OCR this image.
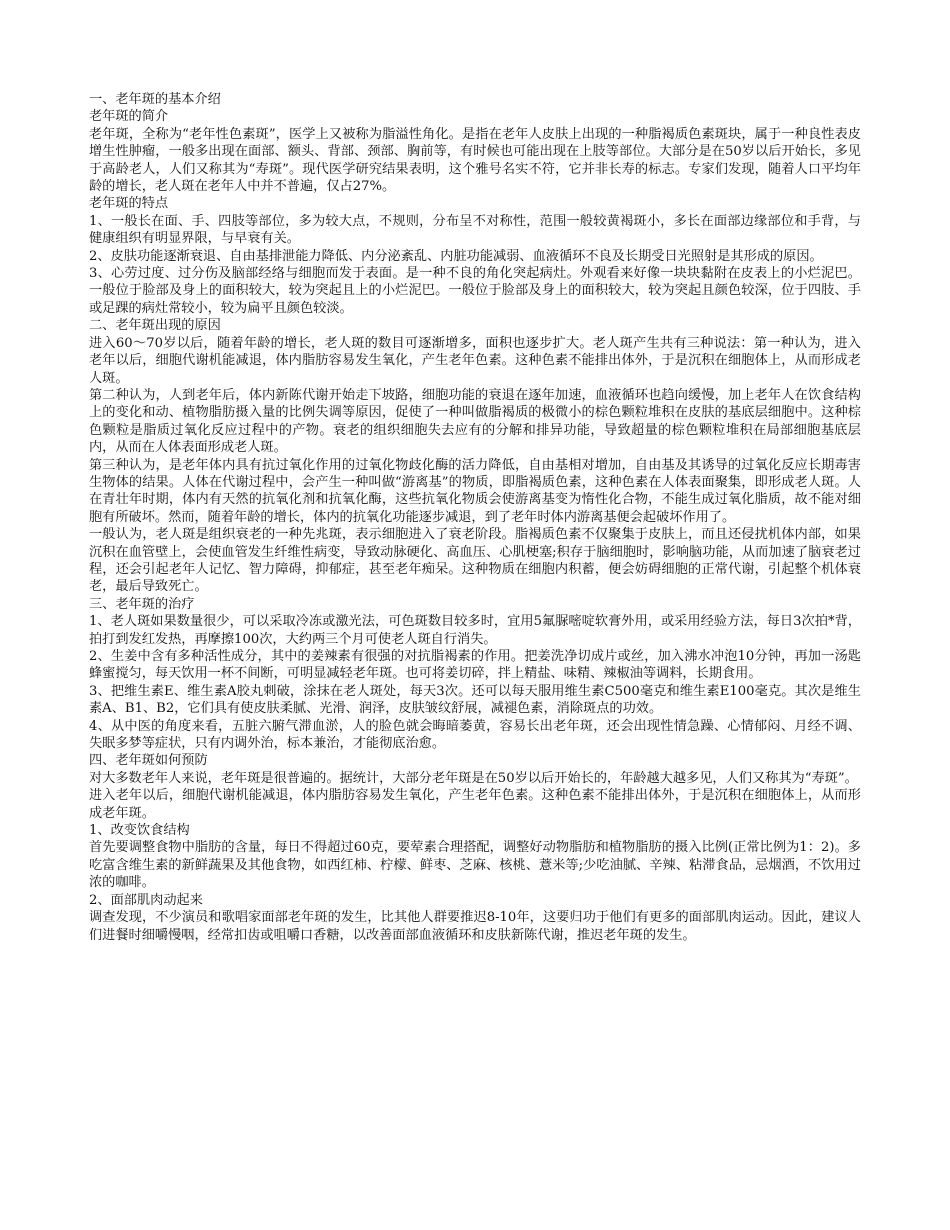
一、老年斑的基本介绍

老年斑的简介

老年斑，全称为“老年性色素斑”，医学上又被称为脂溢性角化。是指在老年人皮肤上出现的一种脂褐质色素斑块，属于一种良性表皮增生性肿瘤，一般多出现在面部、额头、背部、颈部、胸前等，有时候也可能出现在上肢等部位。大部分是在50岁以后开始长，多见于高龄老人，人们又称其为“寿斑”。现代医学研究结果表明，这个雅号名实不符，它并非长寿的标志。专家们发现，随着人口平均年龄的增长，老人斑在老年人中并不普遍，仅占27%。

老年斑的特点

1、一般长在面、手、四肢等部位，多为较大点，不规则，分布呈不对称性，范围一般较黄褐斑小，多长在面部边缘部位和手背，与健康组织有明显界限，与早衰有关。

2、皮肤功能逐渐衰退、自由基排泄能力降低、内分泌紊乱、内脏功能减弱、血液循环不良及长期受日光照射是其形成的原因。

3、心劳过度、过分伤及脑部经络与细胞而发于表面。是一种不良的角化突起病灶。外观看来好像一块块黏附在皮表上的小烂泥巴。一般位于脸部及身上的面积较大，较为突起且上的小烂泥巴。一般位于脸部及身上的面积较大，较为突起且颜色较深，位于四肢、手或足踝的病灶常较小，较为扁平且颜色较淡。

二、老年斑出现的原因

进入60～70岁以后，随着年龄的增长，老人斑的数目可逐渐增多，面积也逐步扩大。老人斑产生共有三种说法：第一种认为，进入老年以后，细胞代谢机能减退，体内脂肪容易发生氧化，产生老年色素。这种色素不能排出体外，于是沉积在细胞体上，从而形成老人斑。

第二种认为，人到老年后，体内新陈代谢开始走下坡路，细胞功能的衰退在逐年加速，血液循环也趋向缓慢，加上老年人在饮食结构上的变化和动、植物脂肪摄入量的比例失调等原因，促使了一种叫做脂褐质的极微小的棕色颗粒堆积在皮肤的基底层细胞中。这种棕色颗粒是脂质过氧化反应过程中的产物。衰老的组织细胞失去应有的分解和排异功能，导致超量的棕色颗粒堆积在局部细胞基底层内，从而在人体表面形成老人斑。

第三种认为，是老年体内具有抗过氧化作用的过氧化物歧化酶的活力降低，自由基相对增加，自由基及其诱导的过氧化反应长期毒害生物体的结果。人体在代谢过程中，会产生一种叫做“游离基”的物质，即脂褐质色素，这种色素在人体表面聚集，即形成老人斑。人在青壮年时期，体内有天然的抗氧化剂和抗氧化酶，这些抗氧化物质会使游离基变为惰性化合物，不能生成过氧化脂质，故不能对细胞有所破坏。然而，随着年龄的增长，体内的抗氧化功能逐步减退，到了老年时体内游离基便会起破坏作用了。

一般认为，老人斑是组织衰老的一种先兆斑，表示细胞进入了衰老阶段。脂褐质色素不仅聚集于皮肤上，而且还侵扰机体内部，如果沉积在血管壁上，会使血管发生纤维性病变，导致动脉硬化、高血压、心肌梗塞;积存于脑细胞时，影响脑功能，从而加速了脑衰老过程，还会引起老年人记忆、智力障碍，抑郁症，甚至老年痴呆。这种物质在细胞内积蓄，便会妨碍细胞的正常代谢，引起整个机体衰老，最后导致死亡。

三、老年斑的治疗

1、老人斑如果数量很少，可以采取冷冻或激光法，可色斑数目较多时，宜用5氟脲嘧啶软膏外用，或采用经验方法，每日3次拍*背，拍打到发红发热，再摩擦100次，大约两三个月可使老人斑自行消失。

2、生姜中含有多种活性成分，其中的姜辣素有很强的对抗脂褐素的作用。把姜洗净切成片或丝，加入沸水冲泡10分钟，再加一汤匙蜂蜜搅匀，每天饮用一杯不间断，可明显减轻老年斑。也可将姜切碎，拌上精盐、味精、辣椒油等调料，长期食用。

3、把维生素E、维生素A胶丸刺破，涂抹在老人斑处，每天3次。还可以每天服用维生素C500毫克和维生素E100毫克。其次是维生素A、B1、B2，它们具有使皮肤柔腻、光滑、润泽，皮肤皱纹舒展，减褪色素，消除斑点的功效。

4、从中医的角度来看，五脏六腑气滞血淤，人的脸色就会晦暗萎黄，容易长出老年斑，还会出现性情急躁、心情郁闷、月经不调、失眠多梦等症状，只有内调外治，标本兼治，才能彻底治愈。

四、老年斑如何预防

对大多数老年人来说，老年斑是很普遍的。据统计，大部分老年斑是在50岁以后开始长的，年龄越大越多见，人们又称其为“寿斑”。

进入老年以后，细胞代谢机能减退，体内脂肪容易发生氧化，产生老年色素。这种色素不能排出体外，于是沉积在细胞体上，从而形成老年斑。

1、改变饮食结构

首先要调整食物中脂肪的含量，每日不得超过60克，要荤素合理搭配，调整好动物脂肪和植物脂肪的摄入比例(正常比例为1：2)。多吃富含维生素的新鲜蔬果及其他食物，如西红柿、柠檬、鲜枣、芝麻、核桃、薏米等;少吃油腻、辛辣、粘滞食品，忌烟酒，不饮用过浓的咖啡。

2、面部肌肉动起来

调查发现，不少演员和歌唱家面部老年斑的发生，比其他人群要推迟8-10年，这要归功于他们有更多的面部肌肉运动。因此，建议人们进餐时细嚼慢咽，经常扣齿或咀嚼口香糖，以改善面部血液循环和皮肤新陈代谢，推迟老年斑的发生。
